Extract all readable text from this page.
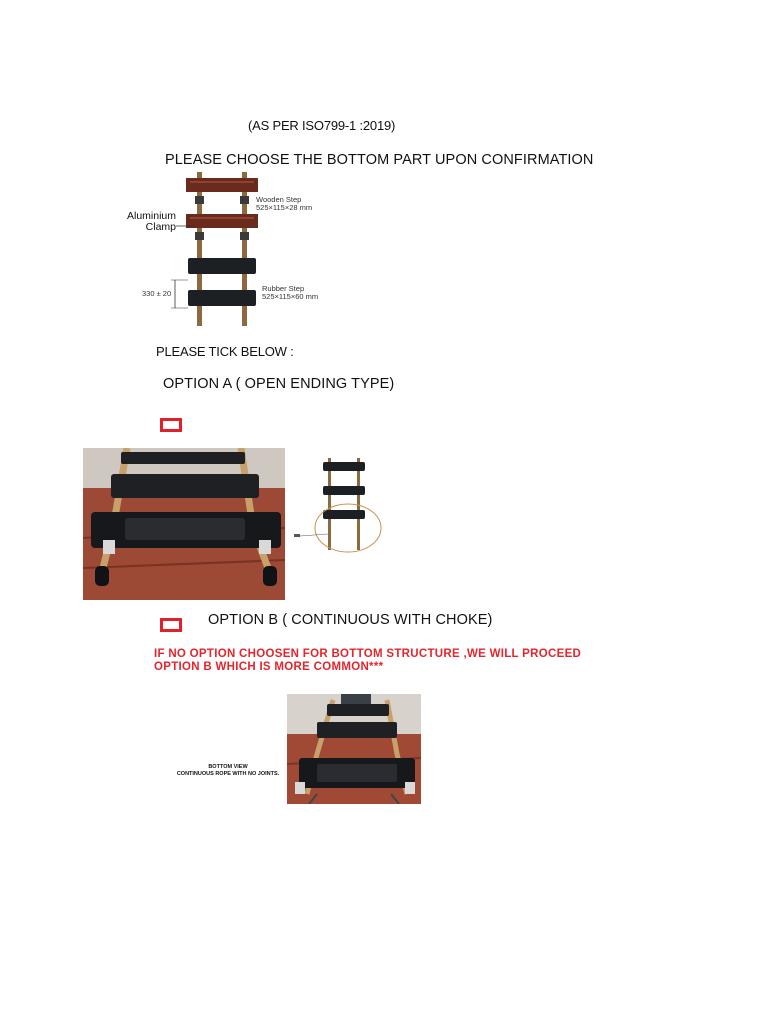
(AS PER ISO799-1 :2019)
PLEASE CHOOSE THE BOTTOM PART UPON CONFIRMATION
Aluminium
Clamp
Wooden Step
525×115×28 mm
Rubber Step
525×115×60 mm
330 ± 20
PLEASE TICK BELOW :
OPTION A ( OPEN ENDING TYPE)
OPTION B ( CONTINUOUS WITH CHOKE)
IF NO OPTION CHOOSEN FOR BOTTOM STRUCTURE ,WE WILL PROCEED
OPTION B WHICH IS MORE COMMON***
BOTTOM VIEW
CONTINUOUS ROPE WITH NO JOINTS.
